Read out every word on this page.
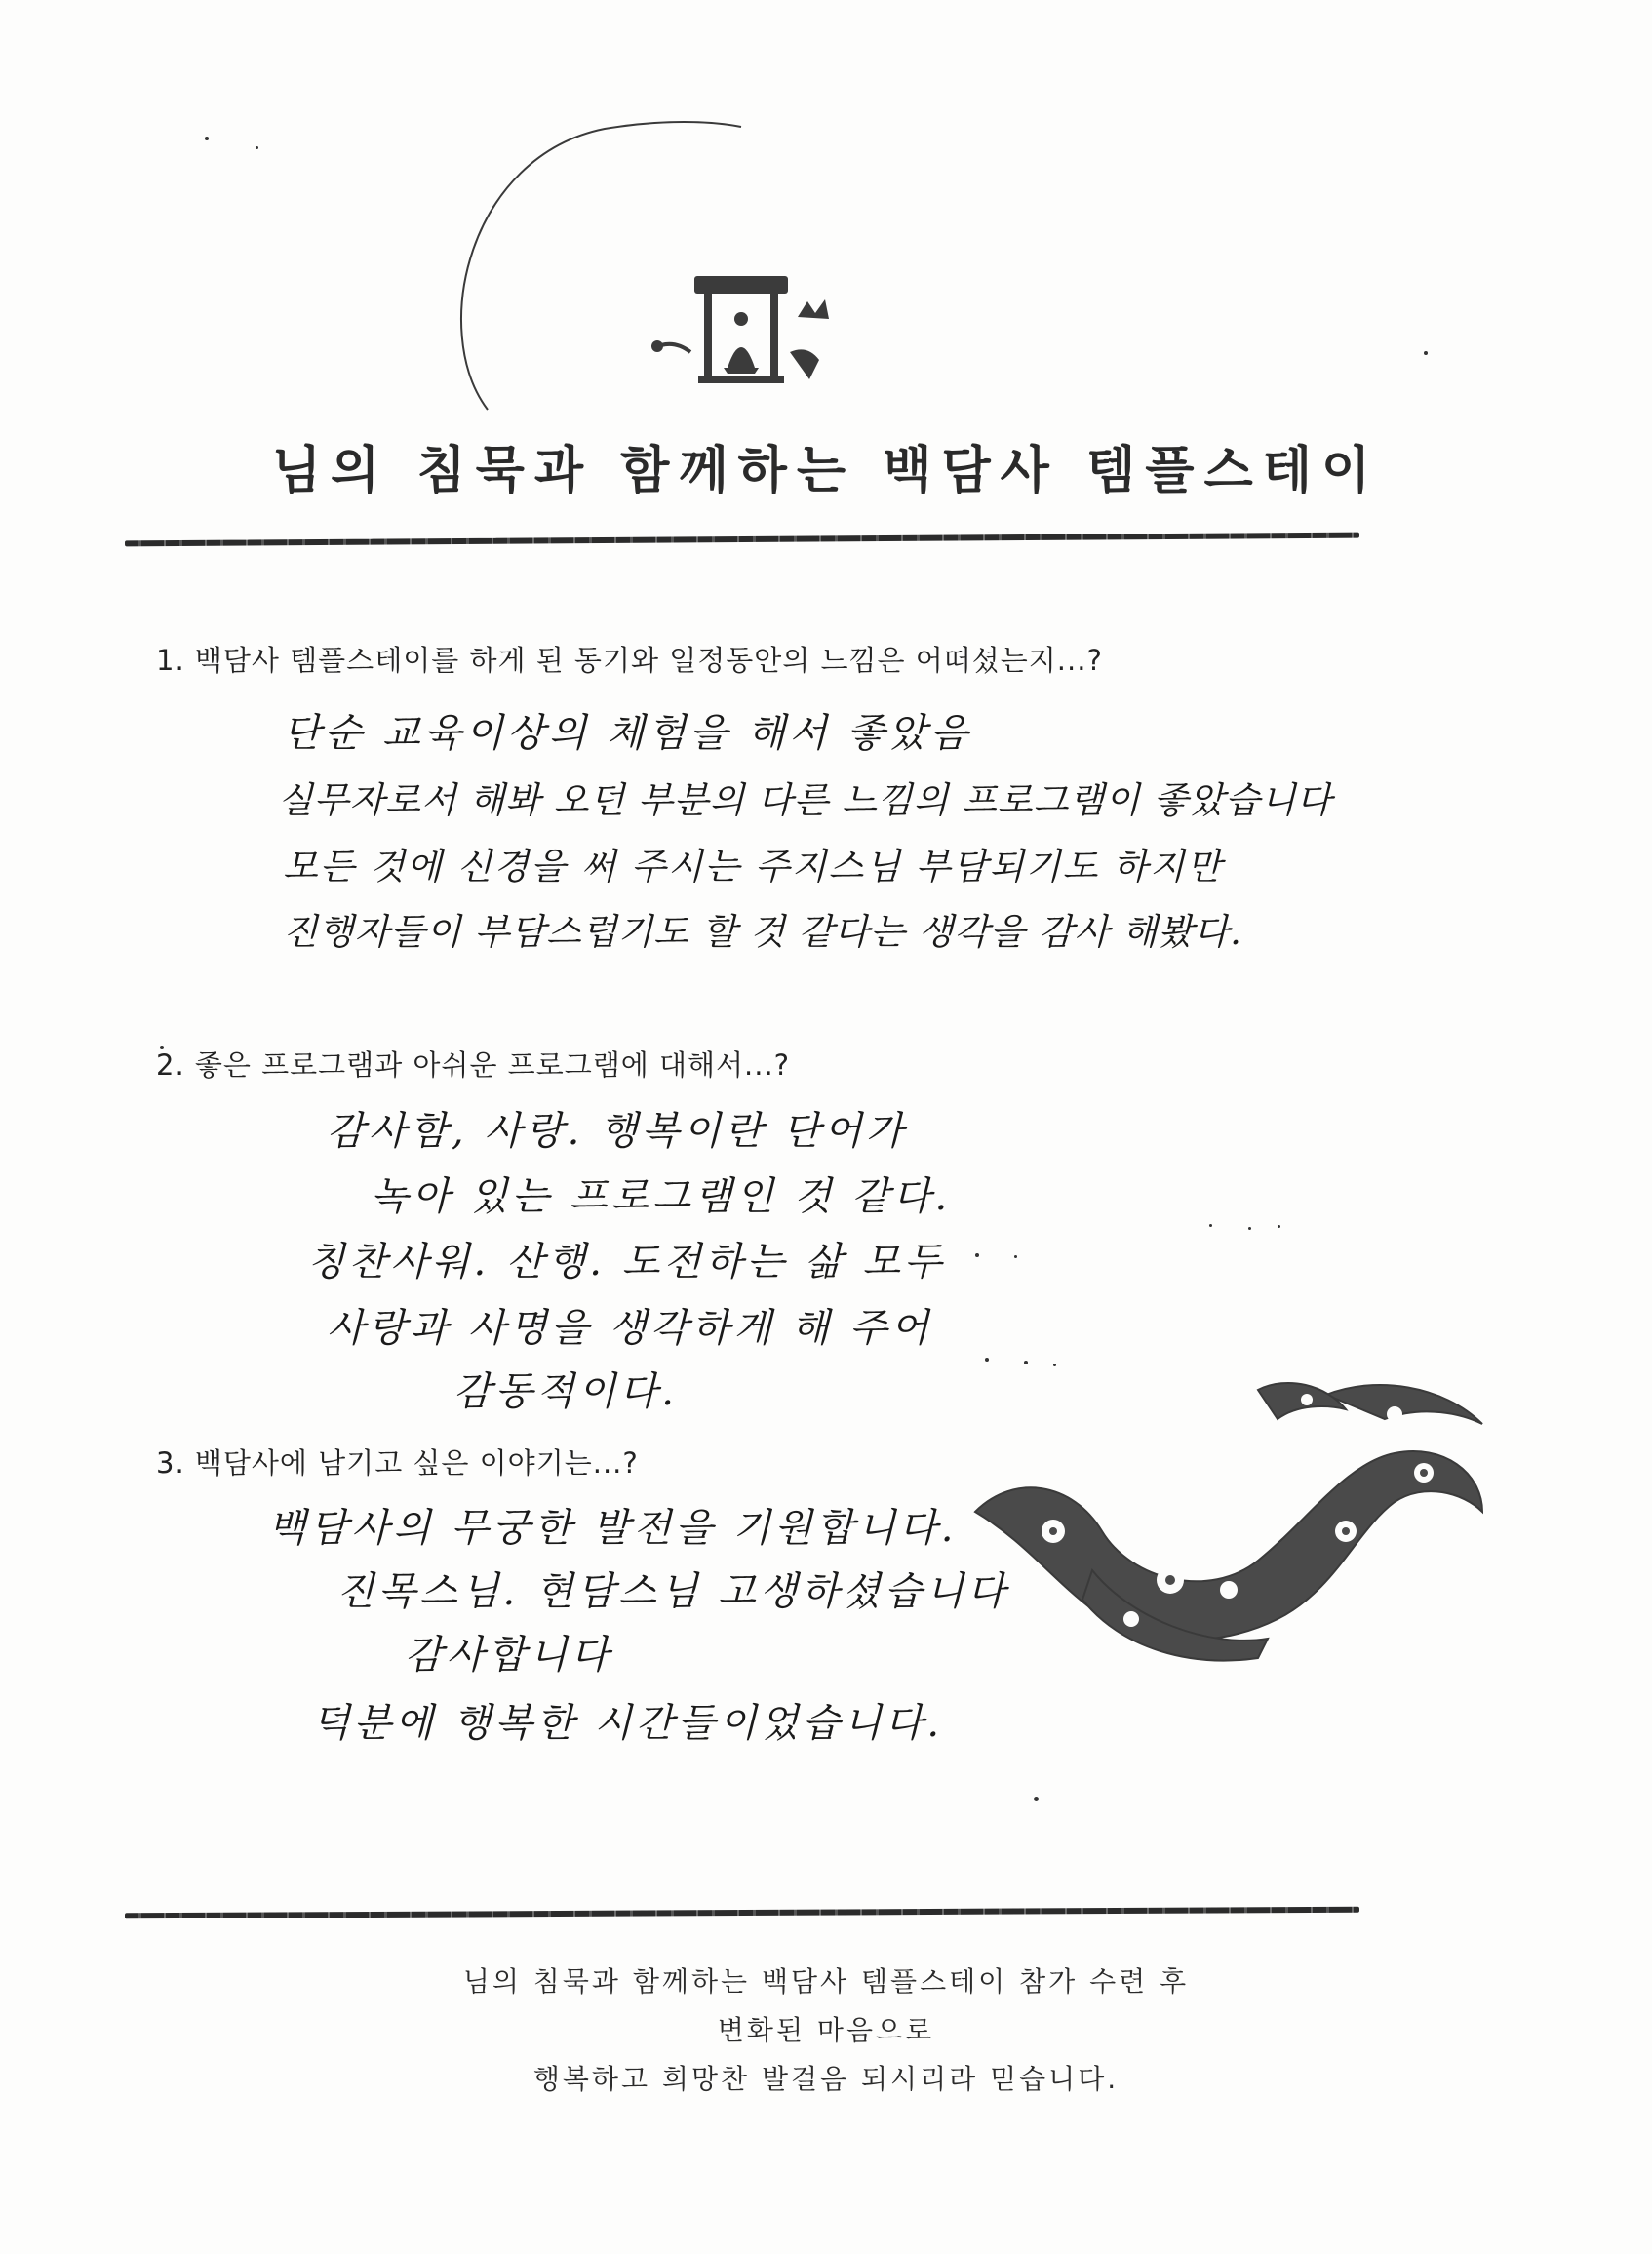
님의 침묵과 함께하는 백담사 템플스테이
1. 백담사 템플스테이를 하게 된 동기와 일정동안의 느낌은 어떠셨는지...?
단순 교육이상의 체험을 해서 좋았음
실무자로서 해봐 오던 부분의 다른 느낌의 프로그램이 좋았습니다
모든 것에 신경을 써 주시는 주지스님 부담되기도 하지만
진행자들이 부담스럽기도 할 것 같다는 생각을 감사 해봤다.
2. 좋은 프로그램과 아쉬운 프로그램에 대해서...?
감사함, 사랑. 행복이란 단어가
녹아 있는 프로그램인 것 같다.
칭찬사워. 산행. 도전하는 삶 모두
사랑과 사명을 생각하게 해 주어
감동적이다.
3. 백담사에 남기고 싶은 이야기는...?
백담사의 무궁한 발전을 기원합니다.
진목스님. 현담스님 고생하셨습니다
감사합니다
덕분에 행복한 시간들이었습니다.
님의 침묵과 함께하는 백담사 템플스테이 참가 수련 후
변화된 마음으로
행복하고 희망찬 발걸음 되시리라 믿습니다.
